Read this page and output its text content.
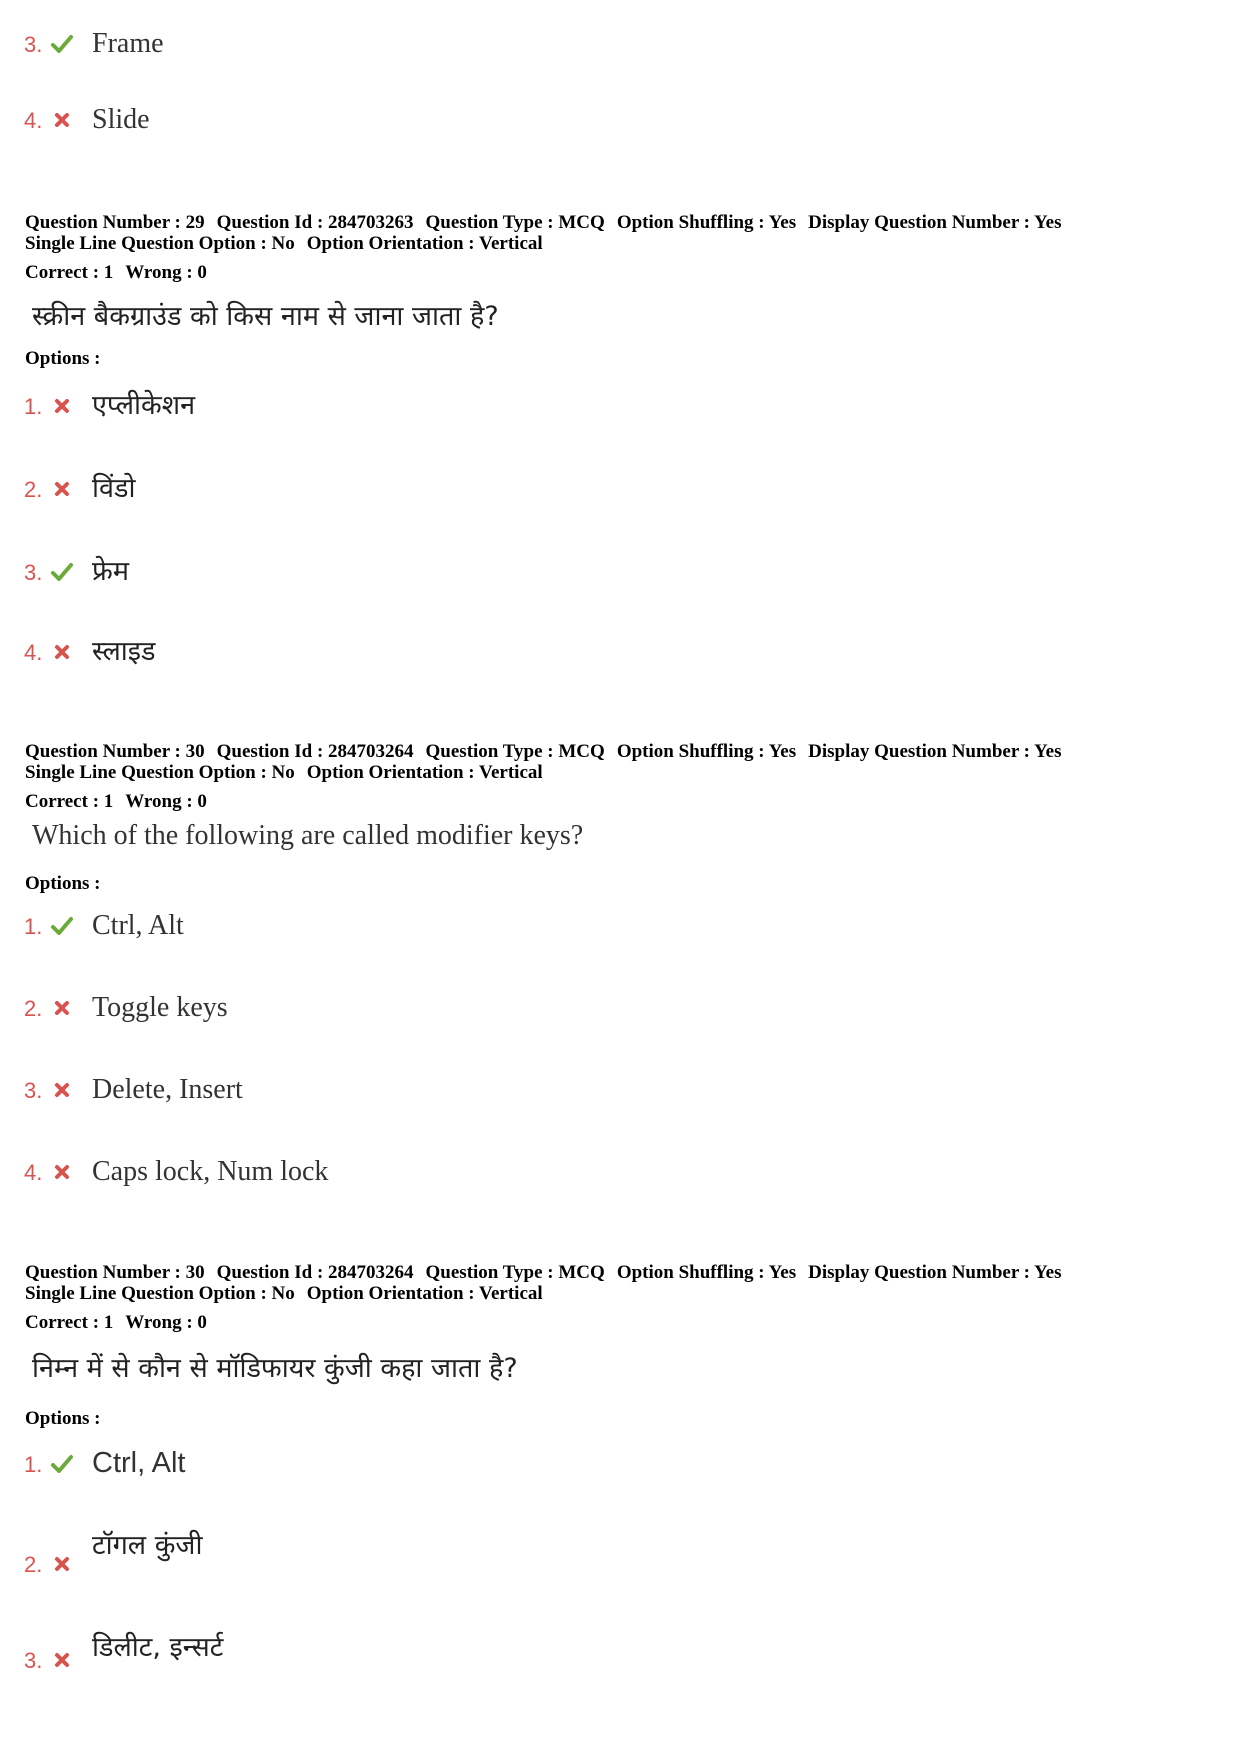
3. Frame
4. Slide
Question Number : 29 Question Id : 284703263 Question Type : MCQ Option Shuffling : Yes Display Question Number : Yes
Single Line Question Option : No Option Orientation : Vertical
Correct : 1 Wrong : 0
स्क्रीन बैकग्राउंड को किस नाम से जाना जाता है?
Options :
1. एप्लीकेशन
2. विंडो
3. फ्रेम
4. स्लाइड
Question Number : 30 Question Id : 284703264 Question Type : MCQ Option Shuffling : Yes Display Question Number : Yes
Single Line Question Option : No Option Orientation : Vertical
Correct : 1 Wrong : 0
Which of the following are called modifier keys?
Options :
1. Ctrl, Alt
2. Toggle keys
3. Delete, Insert
4. Caps lock, Num lock
Question Number : 30 Question Id : 284703264 Question Type : MCQ Option Shuffling : Yes Display Question Number : Yes
Single Line Question Option : No Option Orientation : Vertical
Correct : 1 Wrong : 0
निम्न में से कौन से मॉडिफायर कुंजी कहा जाता है?
Options :
1. Ctrl, Alt
2.
टॉगल कुंजी
3. डिलीट, इन्सर्ट
